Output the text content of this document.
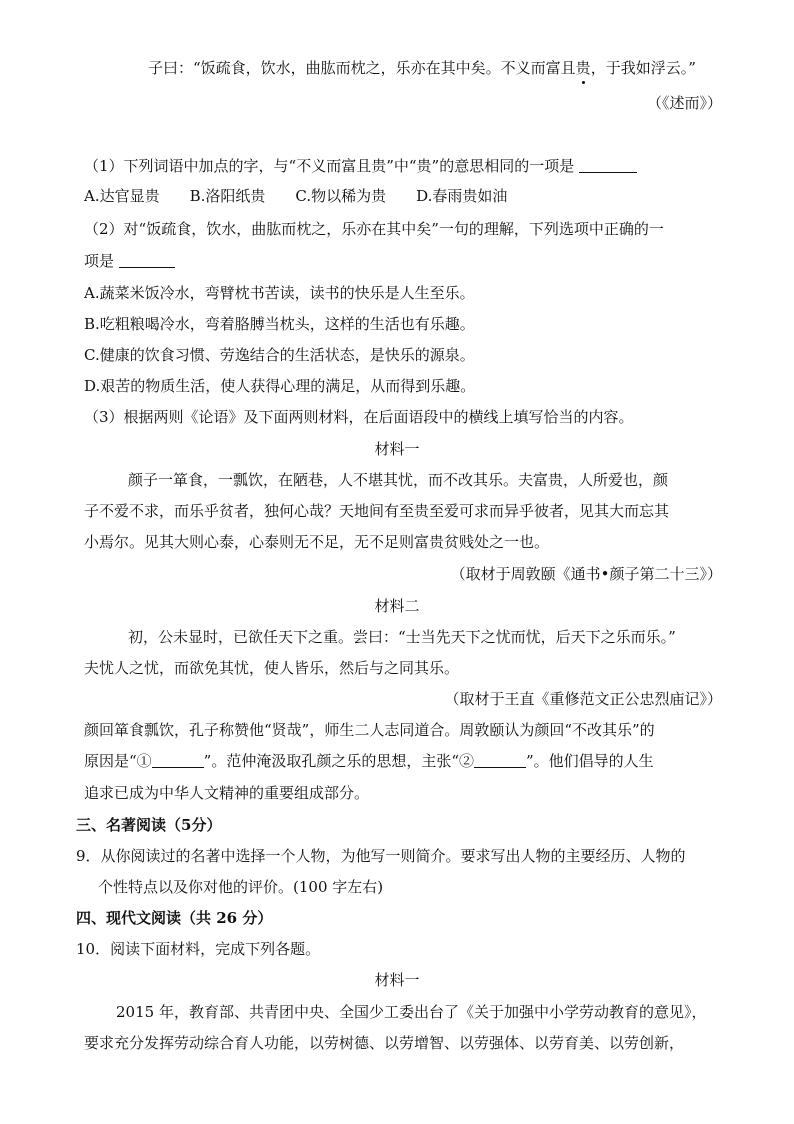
子曰：“饭疏食，饮水，曲肱而枕之，乐亦在其中矣。不义而富且贵，于我如浮云。”
（《述而》）
（1）下列词语中加点的字，与“不义而富且贵”中“贵”的意思相同的一项是
A.达官显贵 B.洛阳纸贵 C.物以稀为贵 D.春雨贵如油
（2）对“饭疏食，饮水，曲肱而枕之，乐亦在其中矣”一句的理解，下列选项中正确的一
项是
A.蔬菜米饭冷水，弯臂枕书苦读，读书的快乐是人生至乐。
B.吃粗粮喝冷水，弯着胳膊当枕头，这样的生活也有乐趣。
C.健康的饮食习惯、劳逸结合的生活状态，是快乐的源泉。
D.艰苦的物质生活，使人获得心理的满足，从而得到乐趣。
（3）根据两则《论语》及下面两则材料，在后面语段中的横线上填写恰当的内容。
材料一
颜子一箪食，一瓢饮，在陋巷，人不堪其忧，而不改其乐。夫富贵，人所爱也，颜
子不爱不求，而乐乎贫者，独何心哉？天地间有至贵至爱可求而异乎彼者，见其大而忘其
小焉尔。见其大则心泰，心泰则无不足，无不足则富贵贫贱处之一也。
（取材于周敦颐《通书•颜子第二十三》）
材料二
初，公未显时，已欲任天下之重。尝曰：“士当先天下之忧而忧，后天下之乐而乐。”
夫忧人之忧，而欲免其忧，使人皆乐，然后与之同其乐。
（取材于王直《重修范文正公忠烈庙记》）
颜回箪食瓢饮，孔子称赞他“贤哉”，师生二人志同道合。周敦颐认为颜回“不改其乐”的
原因是“①	”。范仲淹汲取孔颜之乐的思想，主张“②	”。他们倡导的人生
追求已成为中华人文精神的重要组成部分。
三、名著阅读（5分）
9．从你阅读过的名著中选择一个人物，为他写一则简介。要求写出人物的主要经历、人物的
个性特点以及你对他的评价。(100 字左右)
四、现代文阅读（共 26 分）
10．阅读下面材料，完成下列各题。
材料一
2015 年，教育部、共青团中央、全国少工委出台了《关于加强中小学劳动教育的意见》，
要求充分发挥劳动综合育人功能，以劳树德、以劳增智、以劳强体、以劳育美、以劳创新，
